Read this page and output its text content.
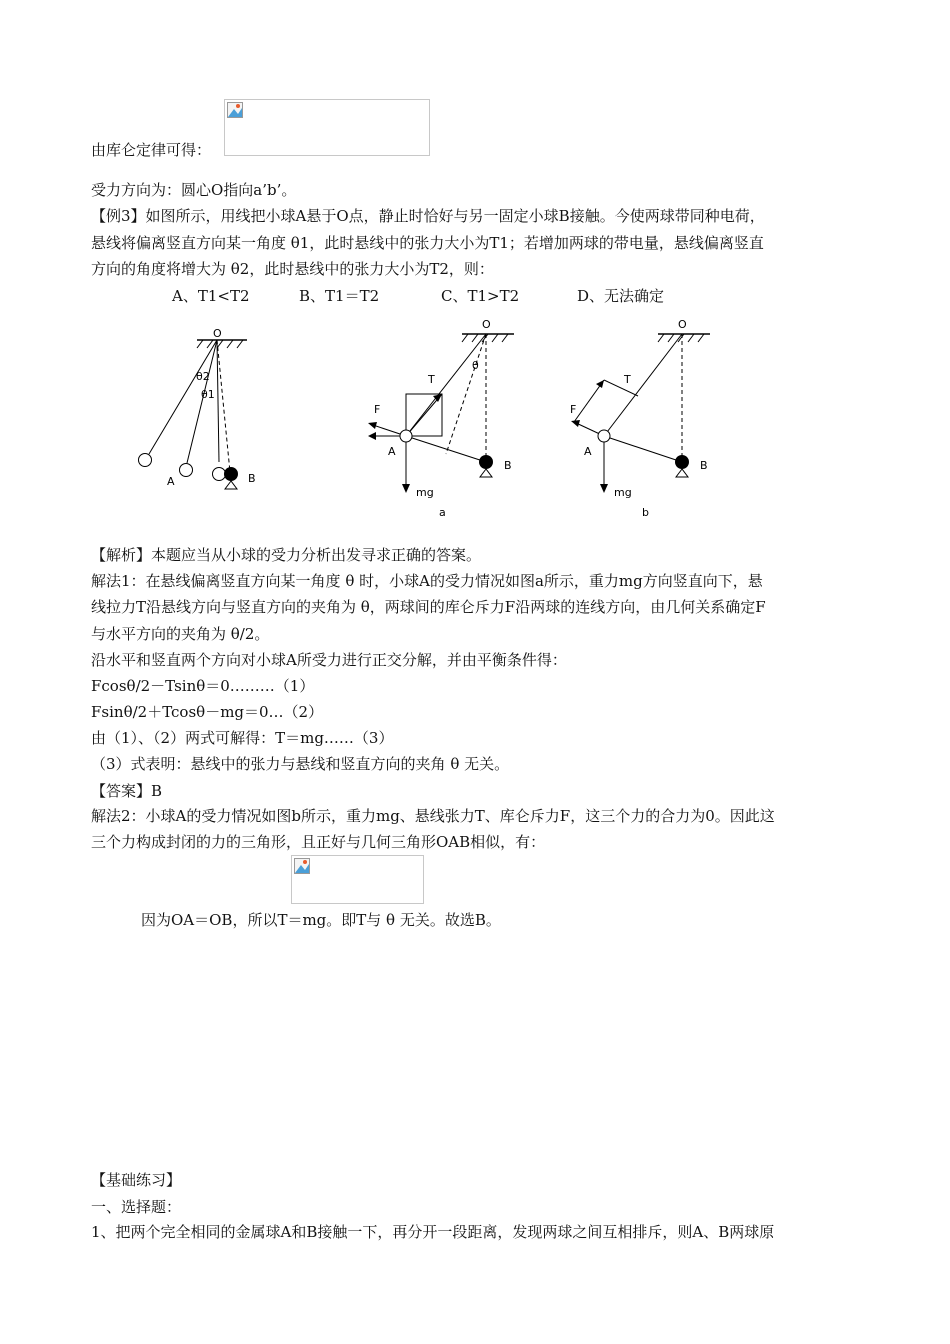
由库仑定律可得：
受力方向为：圆心O指向a’b’。
【例3】如图所示，用线把小球A悬于O点，静止时恰好与另一固定小球B接触。今使两球带同种电荷，
悬线将偏离竖直方向某一角度 θ1，此时悬线中的张力大小为T1；若增加两球的带电量，悬线偏离竖直
方向的角度将增大为 θ2，此时悬线中的张力大小为T2，则：
A、T1<T2	B、T1＝T2	C、T1>T2	D、无法确定
O
θ2
θ1
A	B
O
T
θ
F
A
B
mg
a
O
T
F
A
B
mg
b
【解析】本题应当从小球的受力分析出发寻求正确的答案。
解法1：在悬线偏离竖直方向某一角度 θ 时，小球A的受力情况如图a所示，重力mg方向竖直向下，悬
线拉力T沿悬线方向与竖直方向的夹角为 θ，两球间的库仑斥力F沿两球的连线方向，由几何关系确定F
与水平方向的夹角为 θ/2。
沿水平和竖直两个方向对小球A所受力进行正交分解，并由平衡条件得：
Fcosθ/2－Tsinθ＝0………（1）
Fsinθ/2＋Tcosθ－mg＝0…（2）
由（1）、（2）两式可解得：T＝mg……（3）
（3）式表明：悬线中的张力与悬线和竖直方向的夹角 θ 无关。
【答案】B
解法2：小球A的受力情况如图b所示，重力mg、悬线张力T、库仑斥力F，这三个力的合力为0。因此这
三个力构成封闭的力的三角形，且正好与几何三角形OAB相似，有：
因为OA＝OB，所以T＝mg。即T与 θ 无关。故选B。
【基础练习】
一、选择题：
1、把两个完全相同的金属球A和B接触一下，再分开一段距离，发现两球之间互相排斥，则A、B两球原
